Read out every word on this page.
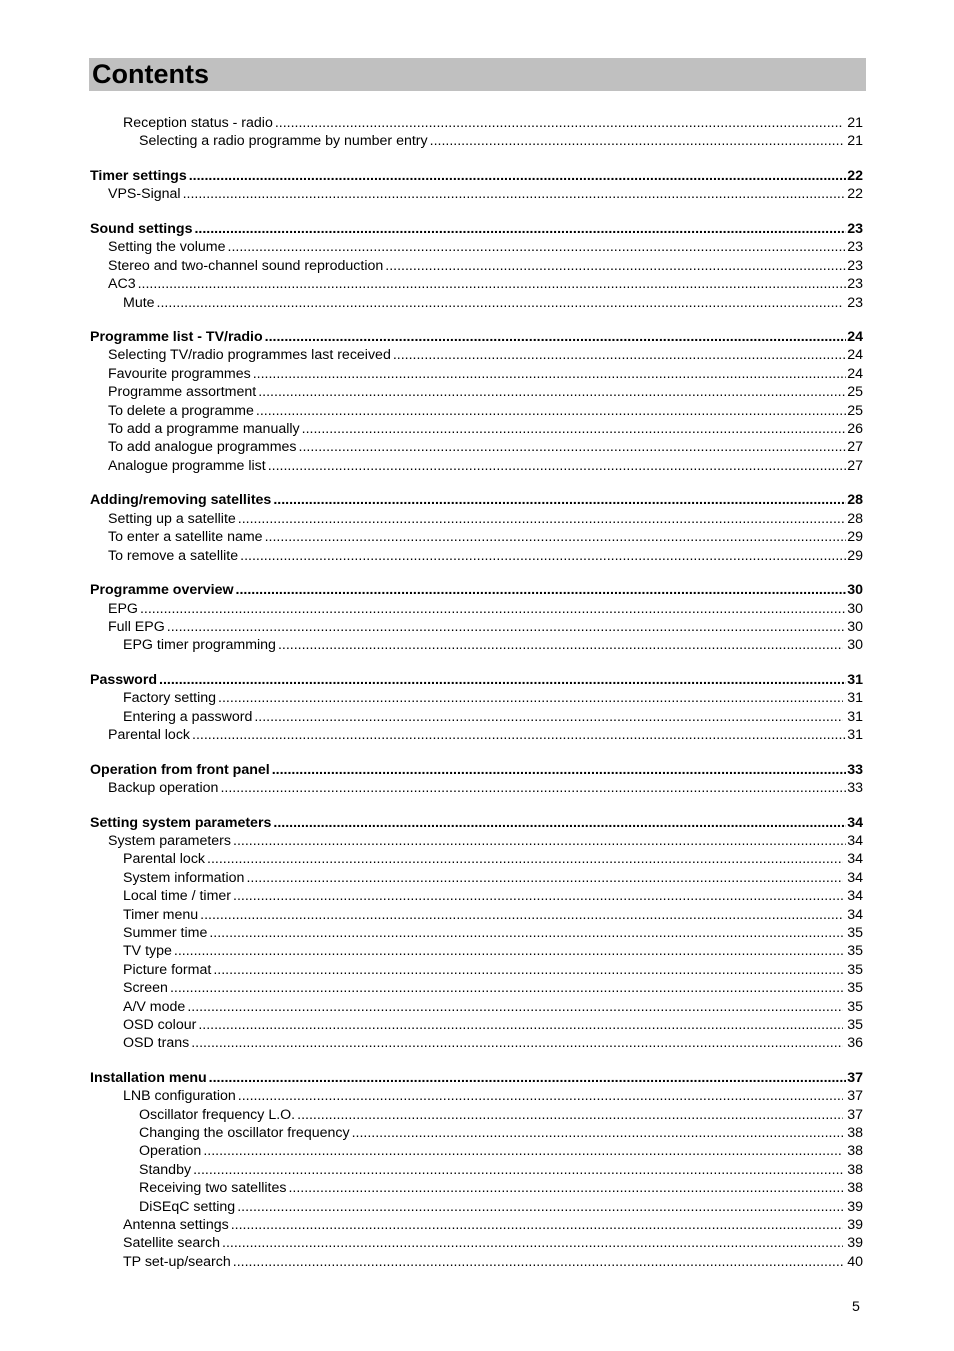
Contents
Reception status - radio .....	21
Selecting a radio programme by number entry .....	21
Timer settings .....	22
VPS-Signal .....	22
Sound settings .....	23
Setting the volume .....	23
Stereo and two-channel sound reproduction .....	23
AC3 .....	23
Mute .....	23
Programme list - TV/radio .....	24
Selecting TV/radio programmes last received .....	24
Favourite programmes .....	24
Programme assortment .....	25
To delete a programme .....	25
To add a programme manually .....	26
To add analogue programmes .....	27
Analogue programme list .....	27
Adding/removing satellites .....	28
Setting up a satellite .....	28
To enter a satellite name .....	29
To remove a satellite .....	29
Programme overview .....	30
EPG .....	30
Full EPG .....	30
EPG timer programming .....	30
Password .....	31
Factory setting .....	31
Entering a password .....	31
Parental lock .....	31
Operation from front panel .....	33
Backup operation .....	33
Setting system parameters .....	34
System parameters .....	34
Parental lock .....	34
System information .....	34
Local time / timer .....	34
Timer menu .....	34
Summer time .....	35
TV type .....	35
Picture format .....	35
Screen .....	35
A/V mode .....	35
OSD colour .....	35
OSD trans .....	36
Installation menu .....	37
LNB configuration .....	37
Oscillator frequency L.O. .....	37
Changing the oscillator frequency .....	38
Operation .....	38
Standby .....	38
Receiving two satellites .....	38
DiSEqC setting .....	39
Antenna settings .....	39
Satellite search .....	39
TP set-up/search .....	40
5
